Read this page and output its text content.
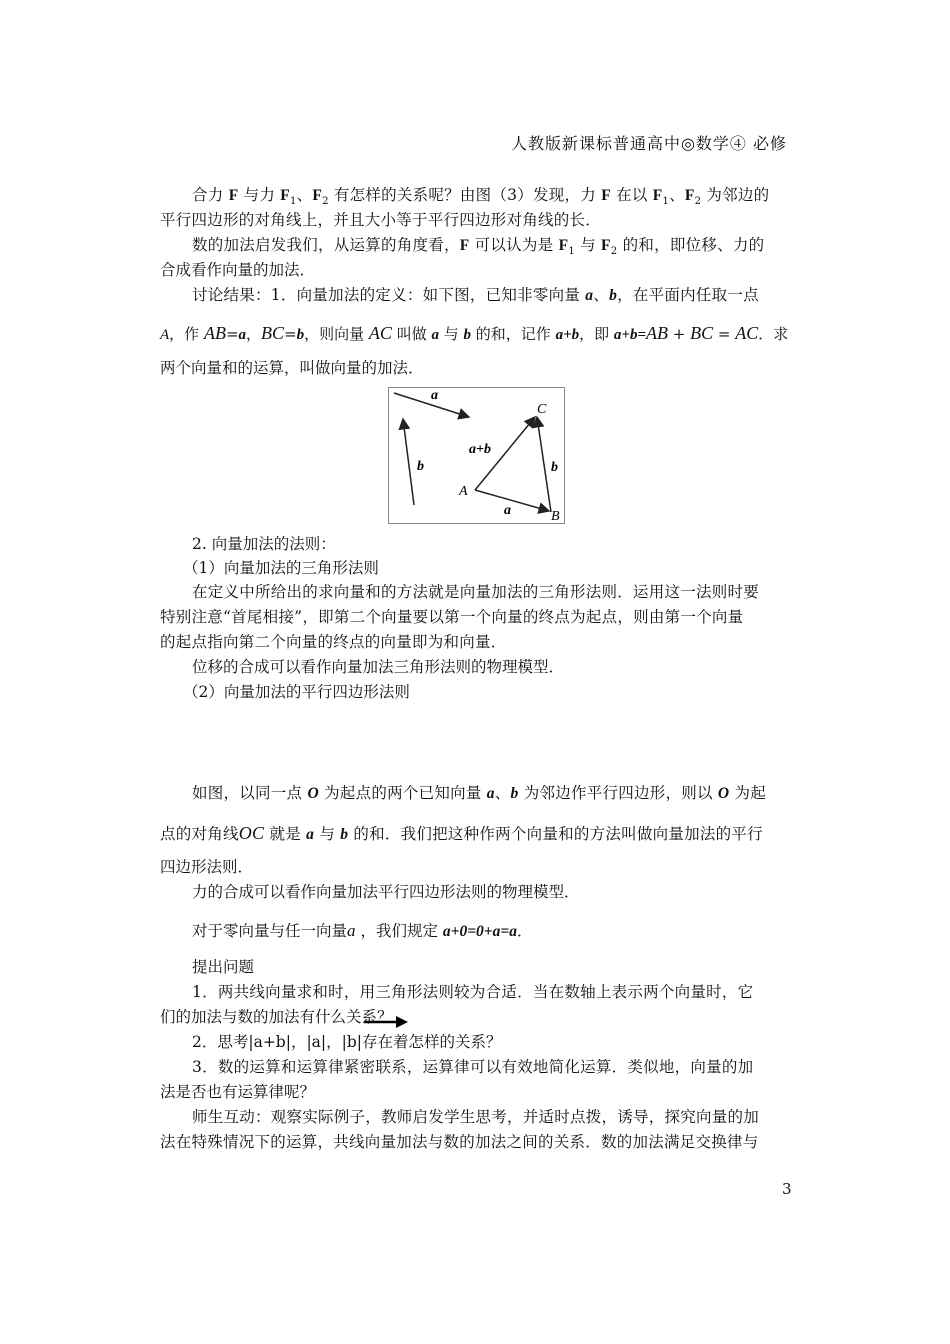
人教版新课标普通高中◎数学④ 必修
合力 F 与力 $F_1$、$F_2$ 有怎样的关系呢？由图（3）发现，力 F 在以 $F_1$、$F_2$ 为邻边的
平行四边形的对角线上，并且大小等于平行四边形对角线的长．
数的加法启发我们，从运算的角度看，F 可以认为是 $F_1$ 与 $F_2$ 的和，即位移、力的
合成看作向量的加法．
讨论结果：1．向量加法的定义：如下图，已知非零向量 a、b，在平面内任取一点
A，作 AB=a，BC=b，则向量 AC 叫做 a 与 b 的和，记作 a+b，即 a+b=AB + BC = AC．求
两个向量和的运算，叫做向量的加法．
a
b
a+b
A
B
C
b
a
2. 向量加法的法则：
（1）向量加法的三角形法则
在定义中所给出的求向量和的方法就是向量加法的三角形法则．运用这一法则时要
特别注意“首尾相接”，即第二个向量要以第一个向量的终点为起点，则由第一个向量
的起点指向第二个向量的终点的向量即为和向量．
位移的合成可以看作向量加法三角形法则的物理模型．
（2）向量加法的平行四边形法则
如图，以同一点 O 为起点的两个已知向量 a、b 为邻边作平行四边形，则以 O 为起
点的对角线OC 就是 a 与 b 的和．我们把这种作两个向量和的方法叫做向量加法的平行
四边形法则．
力的合成可以看作向量加法平行四边形法则的物理模型．
对于零向量与任一向量a ，我们规定 a+0=0+a=a．
提出问题
1．两共线向量求和时，用三角形法则较为合适．当在数轴上表示两个向量时，它
们的加法与数的加法有什么关系？
2．思考|a+b|，|a|，|b|存在着怎样的关系？
3．数的运算和运算律紧密联系，运算律可以有效地简化运算．类似地，向量的加
法是否也有运算律呢？
师生互动：观察实际例子，教师启发学生思考，并适时点拨，诱导，探究向量的加
法在特殊情况下的运算，共线向量加法与数的加法之间的关系．数的加法满足交换律与
3
